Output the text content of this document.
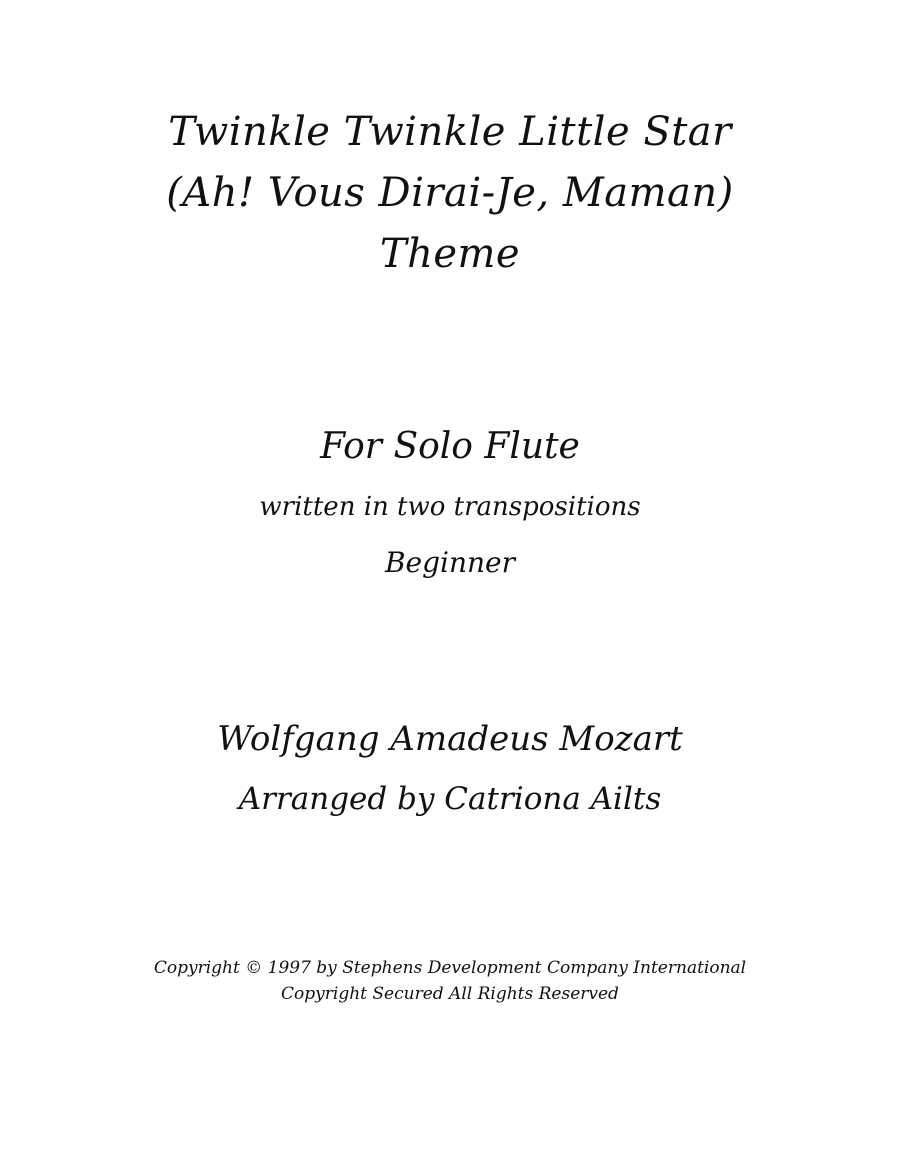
Twinkle Twinkle Little Star
(Ah! Vous Dirai-Je, Maman)
Theme
For Solo Flute
written in two transpositions
Beginner
Wolfgang Amadeus Mozart
Arranged by Catriona Ailts
Copyright © 1997 by Stephens Development Company International
Copyright Secured All Rights Reserved
